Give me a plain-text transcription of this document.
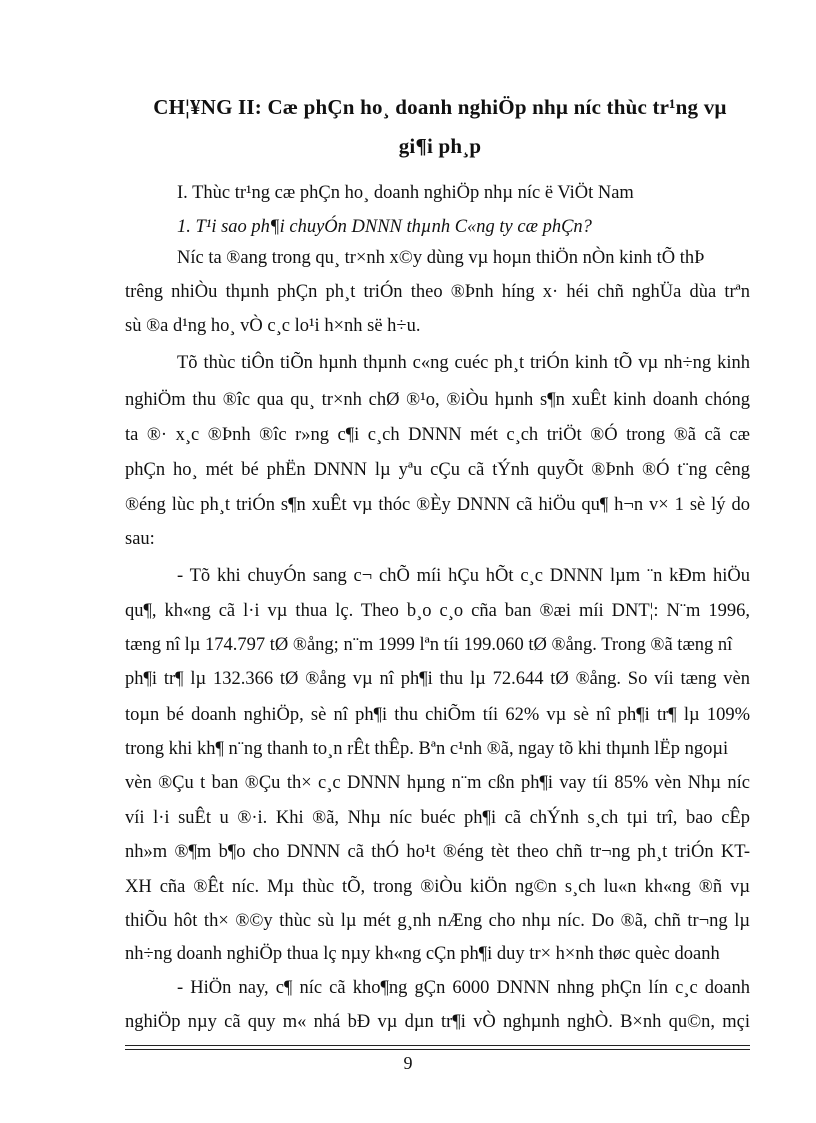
CH¦¥NG II: Cæ phÇn ho¸ doanh nghiÖp nhµ níc thùc tr¹ng vµ
gi¶i ph¸p
I. Thùc tr¹ng cæ phÇn ho¸ doanh nghiÖp nhµ níc ë ViÖt Nam
1. T¹i sao ph¶i chuyÓn DNNN thµnh C«ng ty cæ phÇn?
Níc ta ®ang trong qu¸ tr×nh x©y dùng vµ hoµn thiÖn nÒn kinh tÕ thÞ
trêng nhiÒu thµnh phÇn ph¸t triÓn theo ®Þnh híng x· héi chñ nghÜa dùa trªn
sù ®a d¹ng ho¸ vÒ c¸c lo¹i h×nh së h÷u.
Tõ thùc tiÔn tiÕn hµnh thµnh c«ng cuéc ph¸t triÓn kinh tÕ vµ nh÷ng kinh
nghiÖm thu ®îc qua qu¸ tr×nh chØ ®¹o, ®iÒu hµnh s¶n xuÊt kinh doanh chóng
ta ®· x¸c ®Þnh ®îc r»ng c¶i c¸ch DNNN mét c¸ch triÖt ®Ó trong ®ã cã cæ
phÇn ho¸ mét bé phËn DNNN lµ yªu cÇu cã tÝnh quyÕt ®Þnh ®Ó t¨ng cêng
®éng lùc ph¸t triÓn s¶n xuÊt vµ thóc ®Èy DNNN cã hiÖu qu¶ h¬n v× 1 sè lý do
sau:
- Tõ khi chuyÓn sang c¬ chÕ míi hÇu hÕt c¸c DNNN lµm ¨n kÐm hiÖu
qu¶, kh«ng cã l·i vµ thua lç. Theo b¸o c¸o cña ban ®æi míi DNT¦: N¨m 1996,
tæng nî lµ 174.797 tØ ®ång; n¨m 1999 lªn tíi 199.060 tØ ®ång. Trong ®ã tæng nî
ph¶i tr¶ lµ 132.366 tØ ®ång vµ nî ph¶i thu lµ 72.644 tØ ®ång. So víi tæng vèn
toµn bé doanh nghiÖp, sè nî ph¶i thu chiÕm tíi 62% vµ sè nî ph¶i tr¶ lµ 109%
trong khi kh¶ n¨ng thanh to¸n rÊt thÊp. Bªn c¹nh ®ã, ngay tõ khi thµnh lËp ngoµi
vèn ®Çu t ban ®Çu th× c¸c DNNN hµng n¨m cßn ph¶i vay tíi 85% vèn Nhµ níc
víi l·i suÊt u ®·i. Khi ®ã, Nhµ níc buéc ph¶i cã chÝnh s¸ch tµi trî, bao cÊp
nh»m ®¶m b¶o cho DNNN cã thÓ ho¹t ®éng tèt theo chñ tr¬ng ph¸t triÓn KT-
XH cña ®Êt níc. Mµ thùc tÕ, trong ®iÒu kiÖn ng©n s¸ch lu«n kh«ng ®ñ vµ
thiÕu hôt th× ®©y thùc sù lµ mét g¸nh nÆng cho nhµ níc. Do ®ã, chñ tr¬ng lµ
nh÷ng doanh nghiÖp thua lç nµy kh«ng cÇn ph¶i duy tr× h×nh thøc quèc doanh
- HiÖn nay, c¶ níc cã kho¶ng gÇn 6000 DNNN nhng phÇn lín c¸c doanh
nghiÖp nµy cã quy m« nhá bÐ vµ dµn tr¶i vÒ nghµnh nghÒ. B×nh qu©n, mçi
9
